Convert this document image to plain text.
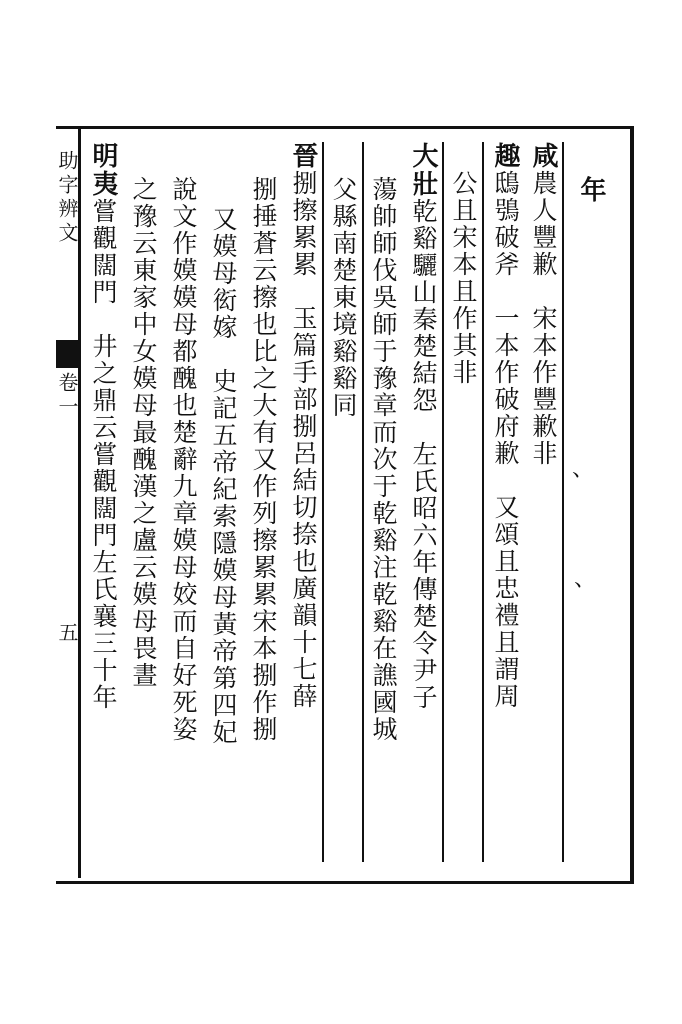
助字辨文
卷一
五
年
、
、
咸農人豐歉　宋本作豐歉非
趣鴟鴞破斧　一本作破府歉　又頌且忠禮且謂周
公且宋本且作其非
大壯乾谿驪山秦楚結怨　左氏昭六年傳楚令尹子
蕩帥師伐吳師于豫章而次于乾谿注乾谿在譙國城
父縣南楚東境谿谿同
晉捌擦累累　玉篇手部捌呂結切捺也廣韻十七薛
捌捶蒼云擦也比之大有又作列擦累累宋本捌作捌
又嫫母衒嫁　史記五帝紀索隱嫫母黃帝第四妃
說文作嫫嫫母都醜也楚辭九章嫫母姣而自好死姿
之豫云東家中女嫫母最醜漢之盧云嫫母畏晝
明夷嘗觀闊門　井之鼎云嘗觀闊門左氏襄三十年
